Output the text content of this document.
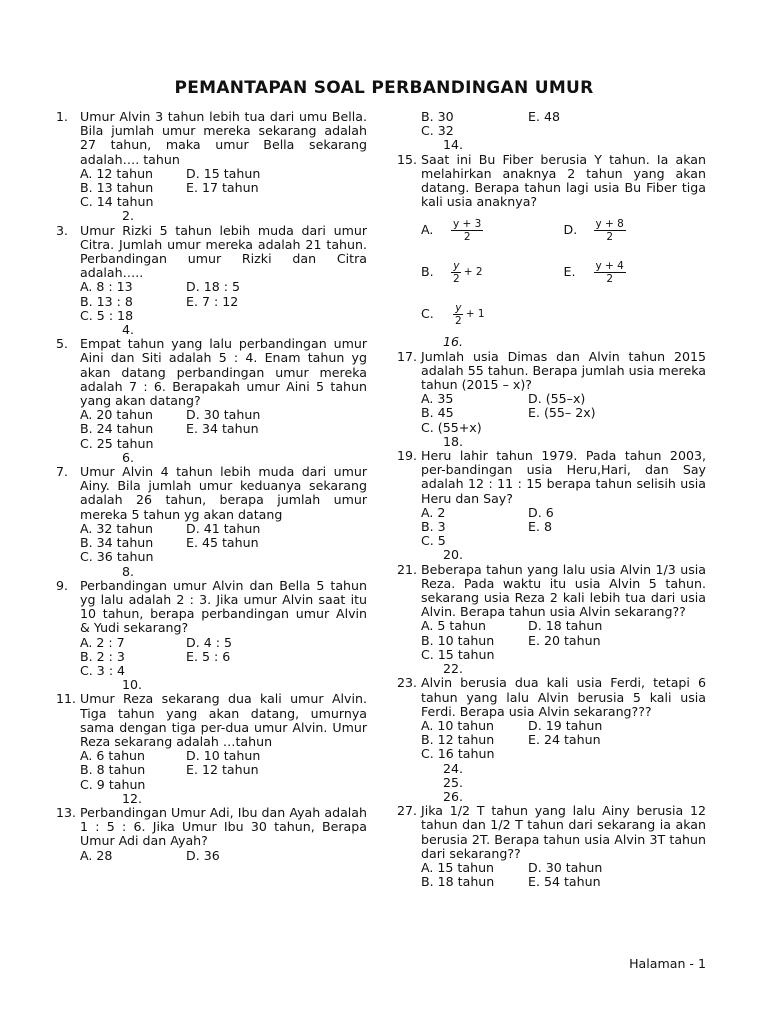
PEMANTAPAN SOAL PERBANDINGAN UMUR
1. Umur Alvin 3 tahun lebih tua dari umu Bella. Bila jumlah umur mereka sekarang adalah 27 tahun, maka umur Bella sekarang adalah…. tahun
A. 12 tahun	D. 15 tahun
B. 13 tahun	E. 17 tahun
C. 14 tahun
2.
3. Umur Rizki 5 tahun lebih muda dari umur Citra. Jumlah umur mereka adalah 21 tahun. Perbandingan umur Rizki dan Citra adalah…..
A. 8 : 13	D. 18 : 5
B. 13 : 8	E. 7 : 12
C. 5 : 18
4.
5. Empat tahun yang lalu perbandingan umur Aini dan Siti adalah 5 : 4. Enam tahun yg akan datang perbandingan umur mereka adalah 7 : 6. Berapakah umur Aini 5 tahun yang akan datang?
A. 20 tahun	D. 30 tahun
B. 24 tahun	E. 34 tahun
C. 25 tahun
6.
7. Umur Alvin 4 tahun lebih muda dari umur Ainy. Bila jumlah umur keduanya sekarang adalah 26 tahun, berapa jumlah umur mereka 5 tahun yg akan datang
A. 32 tahun	D. 41 tahun
B. 34 tahun	E. 45 tahun
C. 36 tahun
8.
9. Perbandingan umur Alvin dan Bella 5 tahun yg lalu adalah 2 : 3. Jika umur Alvin saat itu 10 tahun, berapa perbandingan umur Alvin & Yudi sekarang?
A. 2 : 7	D. 4 : 5
B. 2 : 3	E. 5 : 6
C. 3 : 4
10.
11. Umur Reza sekarang dua kali umur Alvin. Tiga tahun yang akan datang, umurnya sama dengan tiga per-dua umur Alvin. Umur Reza sekarang adalah …tahun
A. 6 tahun	D. 10 tahun
B. 8 tahun	E. 12 tahun
C. 9 tahun
12.
13. Perbandingan Umur Adi, Ibu dan Ayah adalah 1 : 5 : 6. Jika Umur Ibu 30 tahun, Berapa Umur Adi dan Ayah?
A. 28	D. 36
B. 30	E. 48
C. 32
14.
15. Saat ini Bu Fiber berusia Y tahun. Ia akan melahirkan anaknya 2 tahun yang akan datang. Berapa tahun lagi usia Bu Fiber tiga kali usia anaknya?
A.	$\frac{y + 3}{2}$	D.	$\frac{y + 8}{2}$
B.	$\frac{y}{2} + 2$	E.	$\frac{y + 4}{2}$
C.	$\frac{y}{2} + 1$
16.
17. Jumlah usia Dimas dan Alvin tahun 2015 adalah 55 tahun. Berapa jumlah usia mereka tahun (2015 – x)?
A. 35	D. (55–x)
B. 45	E. (55– 2x)
C. (55+x)
18.
19. Heru lahir tahun 1979. Pada tahun 2003, per-bandingan usia Heru,Hari, dan Say adalah 12 : 11 : 15 berapa tahun selisih usia Heru dan Say?
A. 2	D. 6
B. 3	E. 8
C. 5
20.
21. Beberapa tahun yang lalu usia Alvin 1/3 usia Reza. Pada waktu itu usia Alvin 5 tahun. sekarang usia Reza 2 kali lebih tua dari usia Alvin. Berapa tahun usia Alvin sekarang??
A. 5 tahun	D. 18 tahun
B. 10 tahun	E. 20 tahun
C. 15 tahun
22.
23. Alvin berusia dua kali usia Ferdi, tetapi 6 tahun yang lalu Alvin berusia 5 kali usia Ferdi. Berapa usia Alvin sekarang???
A. 10 tahun	D. 19 tahun
B. 12 tahun	E. 24 tahun
C. 16 tahun
24.
25.
26.
27. Jika 1/2 T tahun yang lalu Ainy berusia 12 tahun dan 1/2 T tahun dari sekarang ia akan berusia 2T. Berapa tahun usia Alvin 3T tahun dari sekarang??
A. 15 tahun	D. 30 tahun
B. 18 tahun	E. 54 tahun
Halaman - 1
